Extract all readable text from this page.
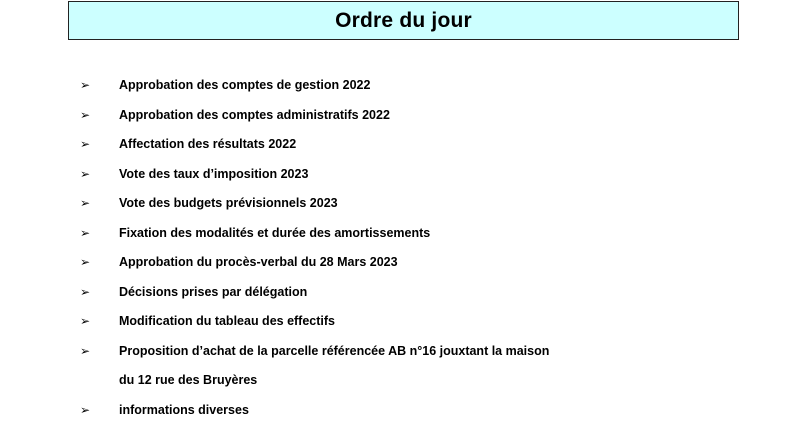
Ordre du jour
➢	Approbation des comptes de gestion 2022
➢	Approbation des comptes administratifs 2022
➢	Affectation des résultats 2022
➢	Vote des taux d’imposition 2023
➢	Vote des budgets prévisionnels 2023
➢	Fixation des modalités et durée des amortissements
➢	Approbation du procès-verbal du 28 Mars 2023
➢	Décisions prises par délégation
➢	Modification du tableau des effectifs
➢	Proposition d’achat de la parcelle référencée AB n°16 jouxtant la maison
du 12 rue des Bruyères
➢	informations diverses
